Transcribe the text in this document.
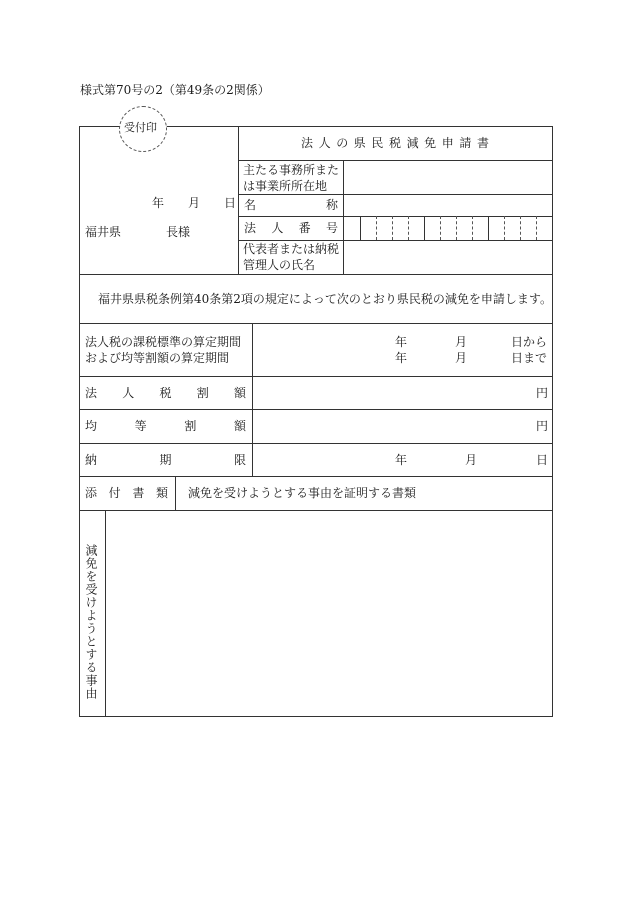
様式第70号の2（第49条の2関係）
受付印
法 人 の 県 民 税 減 免 申 請 書
年 月 日
福井県	長様
主たる事務所また
は事業所所在地
名	称
法 人 番 号
代表者または納税
管理人の氏名
福井県県税条例第40条第2項の規定によって次のとおり県民税の減免を申請します。
法人税の課税標準の算定期間
および均等割額の算定期間
年	月	日から
年	月	日まで
法 人 税 割 額	円
均	等	割	額	円
納	期	限	年	月	日
添 付 書 類 減免を受けようとする事由を証明する書類
減免を受けようとする事由
